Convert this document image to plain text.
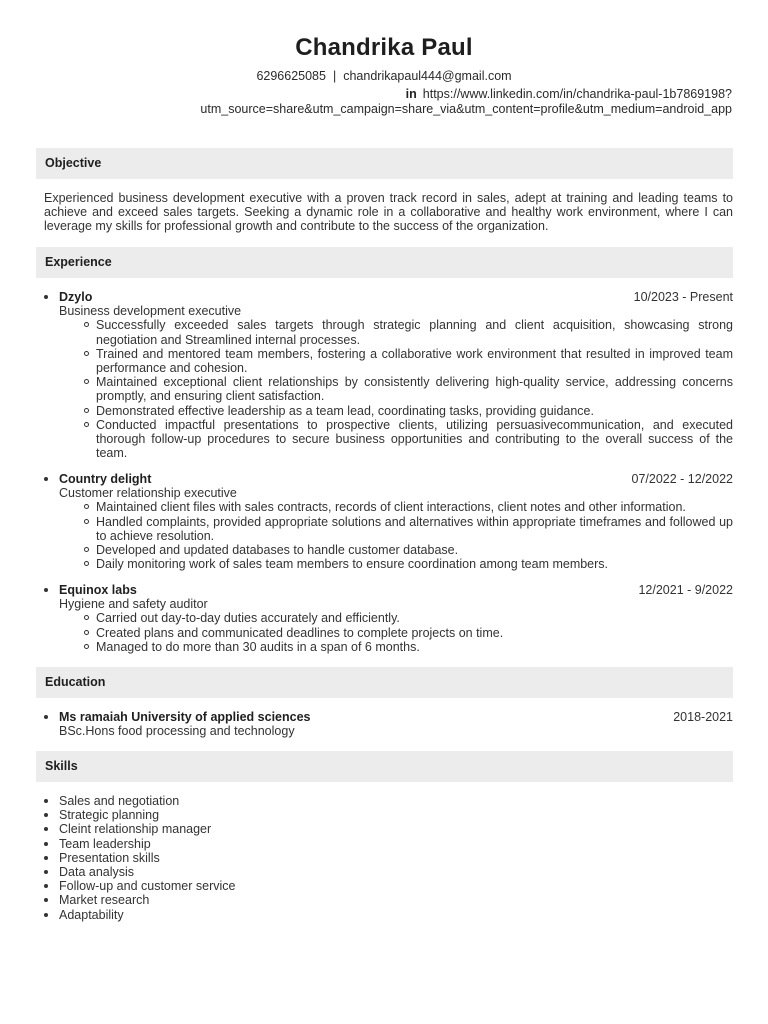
Chandrika Paul
6296625085 | chandrikapaul444@gmail.com
in https://www.linkedin.com/in/chandrika-paul-1b7869198?
utm_source=share&utm_campaign=share_via&utm_content=profile&utm_medium=android_app
Objective
Experienced business development executive with a proven track record in sales, adept at training and leading teams to achieve and exceed sales targets. Seeking a dynamic role in a collaborative and healthy work environment, where I can leverage my skills for professional growth and contribute to the success of the organization.
Experience
Dzylo	10/2023 - Present
Business development executive
Successfully exceeded sales targets through strategic planning and client acquisition, showcasing strong negotiation and Streamlined internal processes.
Trained and mentored team members, fostering a collaborative work environment that resulted in improved team performance and cohesion.
Maintained exceptional client relationships by consistently delivering high-quality service, addressing concerns promptly, and ensuring client satisfaction.
Demonstrated effective leadership as a team lead, coordinating tasks, providing guidance.
Conducted impactful presentations to prospective clients, utilizing persuasivecommunication, and executed thorough follow-up procedures to secure business opportunities and contributing to the overall success of the team.
Country delight	07/2022 - 12/2022
Customer relationship executive
Maintained client files with sales contracts, records of client interactions, client notes and other information.
Handled complaints, provided appropriate solutions and alternatives within appropriate timeframes and followed up to achieve resolution.
Developed and updated databases to handle customer database.
Daily monitoring work of sales team members to ensure coordination among team members.
Equinox labs	12/2021 - 9/2022
Hygiene and safety auditor
Carried out day-to-day duties accurately and efficiently.
Created plans and communicated deadlines to complete projects on time.
Managed to do more than 30 audits in a span of 6 months.
Education
Ms ramaiah University of applied sciences	2018-2021
BSc.Hons food processing and technology
Skills
Sales and negotiation
Strategic planning
Cleint relationship manager
Team leadership
Presentation skills
Data analysis
Follow-up and customer service
Market research
Adaptability
